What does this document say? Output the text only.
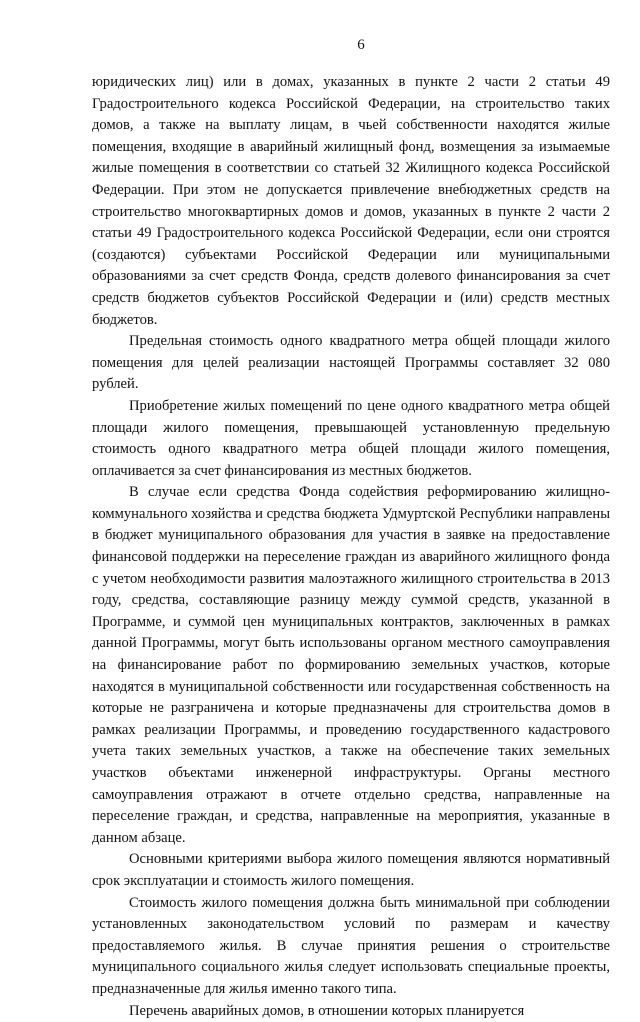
6

юридических лиц) или в домах, указанных в пункте 2 части 2 статьи 49 Градостроительного кодекса Российской Федерации, на строительство таких домов, а также на выплату лицам, в чьей собственности находятся жилые помещения, входящие в аварийный жилищный фонд, возмещения за изымаемые жилые помещения в соответствии со статьей 32 Жилищного кодекса Российской Федерации. При этом не допускается привлечение внебюджетных средств на строительство многоквартирных домов и домов, указанных в пункте 2 части 2 статьи 49 Градостроительного кодекса Российской Федерации, если они строятся (создаются) субъектами Российской Федерации или муниципальными образованиями за счет средств Фонда, средств долевого финансирования за счет средств бюджетов субъектов Российской Федерации и (или) средств местных бюджетов.

Предельная стоимость одного квадратного метра общей площади жилого помещения для целей реализации настоящей Программы составляет 32 080 рублей.

Приобретение жилых помещений по цене одного квадратного метра общей площади жилого помещения, превышающей установленную предельную стоимость одного квадратного метра общей площади жилого помещения, оплачивается за счет финансирования из местных бюджетов.

В случае если средства Фонда содействия реформированию жилищно-коммунального хозяйства и средства бюджета Удмуртской Республики направлены в бюджет муниципального образования для участия в заявке на предоставление финансовой поддержки на переселение граждан из аварийного жилищного фонда с учетом необходимости развития малоэтажного жилищного строительства в 2013 году, средства, составляющие разницу между суммой средств, указанной в Программе, и суммой цен муниципальных контрактов, заключенных в рамках данной Программы, могут быть использованы органом местного самоуправления на финансирование работ по формированию земельных участков, которые находятся в муниципальной собственности или государственная собственность на которые не разграничена и которые предназначены для строительства домов в рамках реализации Программы, и проведению государственного кадастрового учета таких земельных участков, а также на обеспечение таких земельных участков объектами инженерной инфраструктуры. Органы местного самоуправления отражают в отчете отдельно средства, направленные на переселение граждан, и средства, направленные на мероприятия, указанные в данном абзаце.

Основными критериями выбора жилого помещения являются нормативный срок эксплуатации и стоимость жилого помещения.

Стоимость жилого помещения должна быть минимальной при соблюдении установленных законодательством условий по размерам и качеству предоставляемого жилья. В случае принятия решения о строительстве муниципального социального жилья следует использовать специальные проекты, предназначенные для жилья именно такого типа.

Перечень аварийных домов, в отношении которых планируется
